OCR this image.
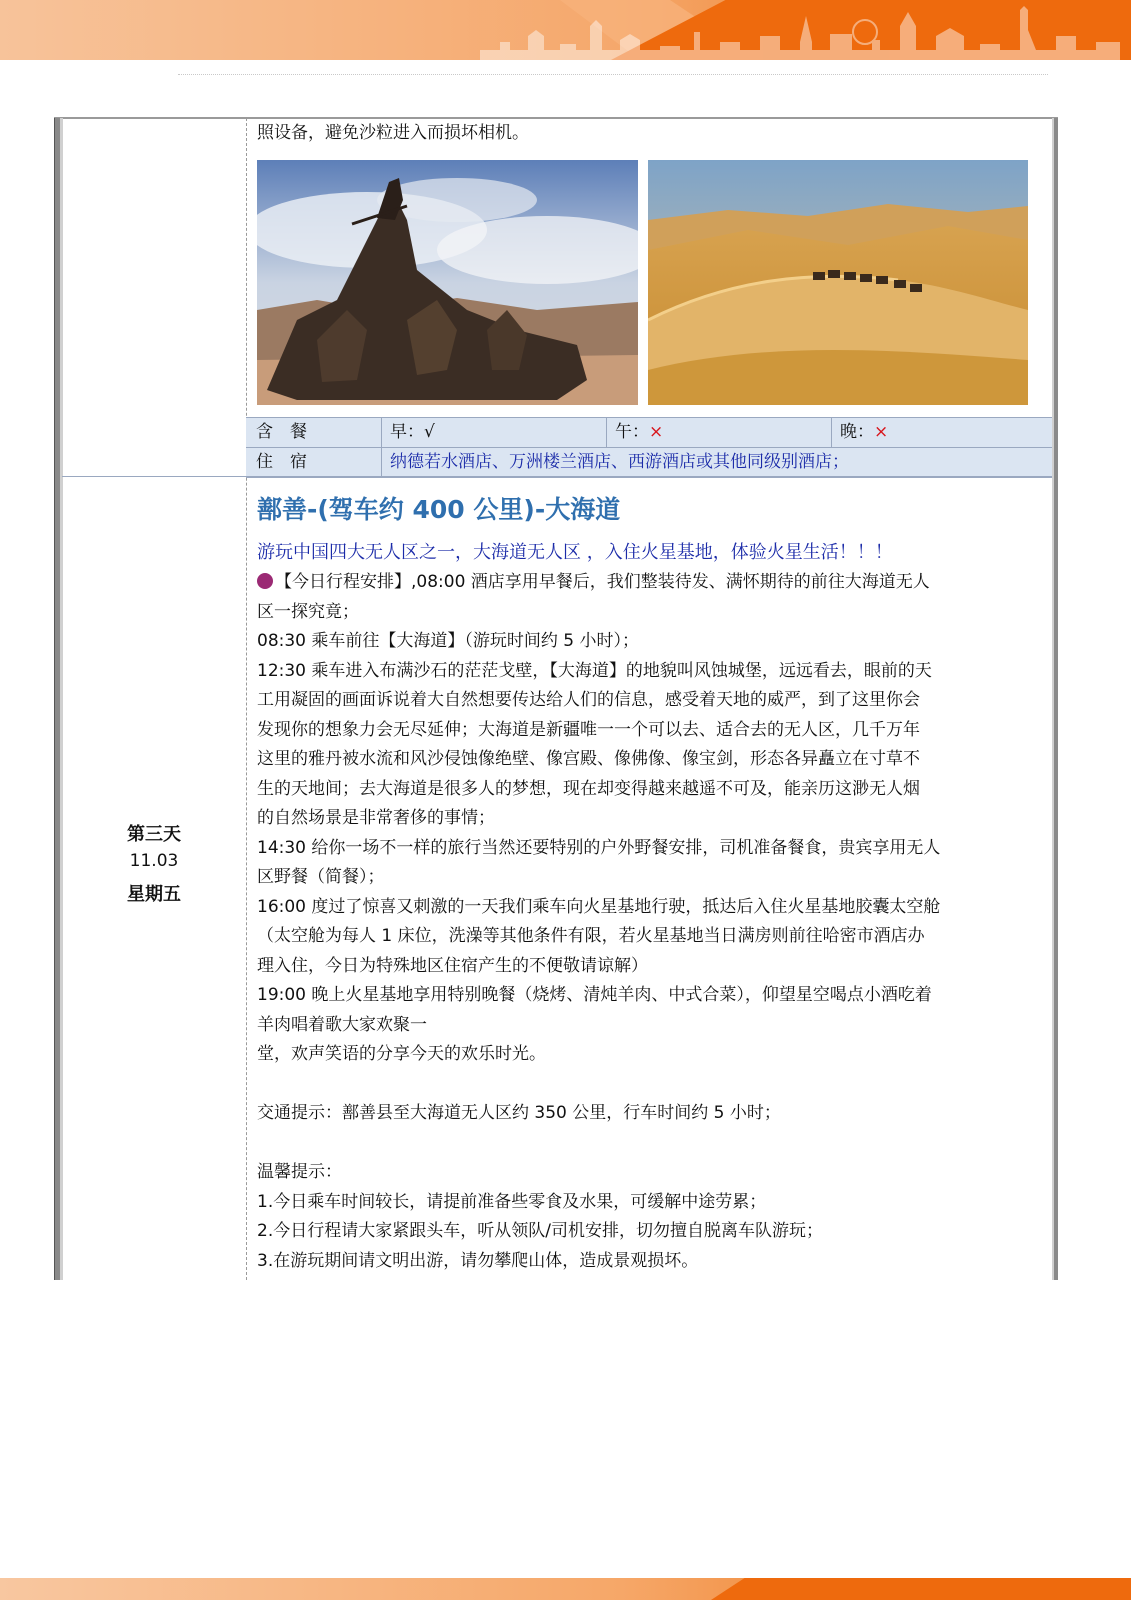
照设备，避免沙粒进入而损坏相机。
含　餐	早：√	午：×	晚：×
住　宿	纳德若水酒店、万洲楼兰酒店、西游酒店或其他同级别酒店；
第三天
11.03
星期五
鄯善-(驾车约 400 公里)-大海道
游玩中国四大无人区之一，大海道无人区 ，入住火星基地，体验火星生活！！！
【今日行程安排】,08:00 酒店享用早餐后，我们整装待发、满怀期待的前往大海道无人
区一探究竟；
08:30 乘车前往【大海道】（游玩时间约 5 小时）；
12:30 乘车进入布满沙石的茫茫戈壁，【大海道】的地貌叫风蚀城堡，远远看去，眼前的天
工用凝固的画面诉说着大自然想要传达给人们的信息，感受着天地的威严，到了这里你会
发现你的想象力会无尽延伸；大海道是新疆唯一一个可以去、适合去的无人区，几千万年
这里的雅丹被水流和风沙侵蚀像绝壁、像宫殿、像佛像、像宝剑，形态各异矗立在寸草不
生的天地间；去大海道是很多人的梦想，现在却变得越来越遥不可及，能亲历这渺无人烟
的自然场景是非常奢侈的事情；
14:30 给你一场不一样的旅行当然还要特别的户外野餐安排，司机准备餐食，贵宾享用无人
区野餐（简餐）；
16:00 度过了惊喜又刺激的一天我们乘车向火星基地行驶，抵达后入住火星基地胶囊太空舱
（太空舱为每人 1 床位，洗澡等其他条件有限，若火星基地当日满房则前往哈密市酒店办
理入住，今日为特殊地区住宿产生的不便敬请谅解）
19:00 晚上火星基地享用特别晚餐（烧烤、清炖羊肉、中式合菜），仰望星空喝点小酒吃着
羊肉唱着歌大家欢聚一
堂，欢声笑语的分享今天的欢乐时光。
交通提示：鄯善县至大海道无人区约 350 公里，行车时间约 5 小时；
温馨提示：
1.今日乘车时间较长，请提前准备些零食及水果，可缓解中途劳累；
2.今日行程请大家紧跟头车，听从领队/司机安排，切勿擅自脱离车队游玩；
3.在游玩期间请文明出游，请勿攀爬山体，造成景观损坏。
